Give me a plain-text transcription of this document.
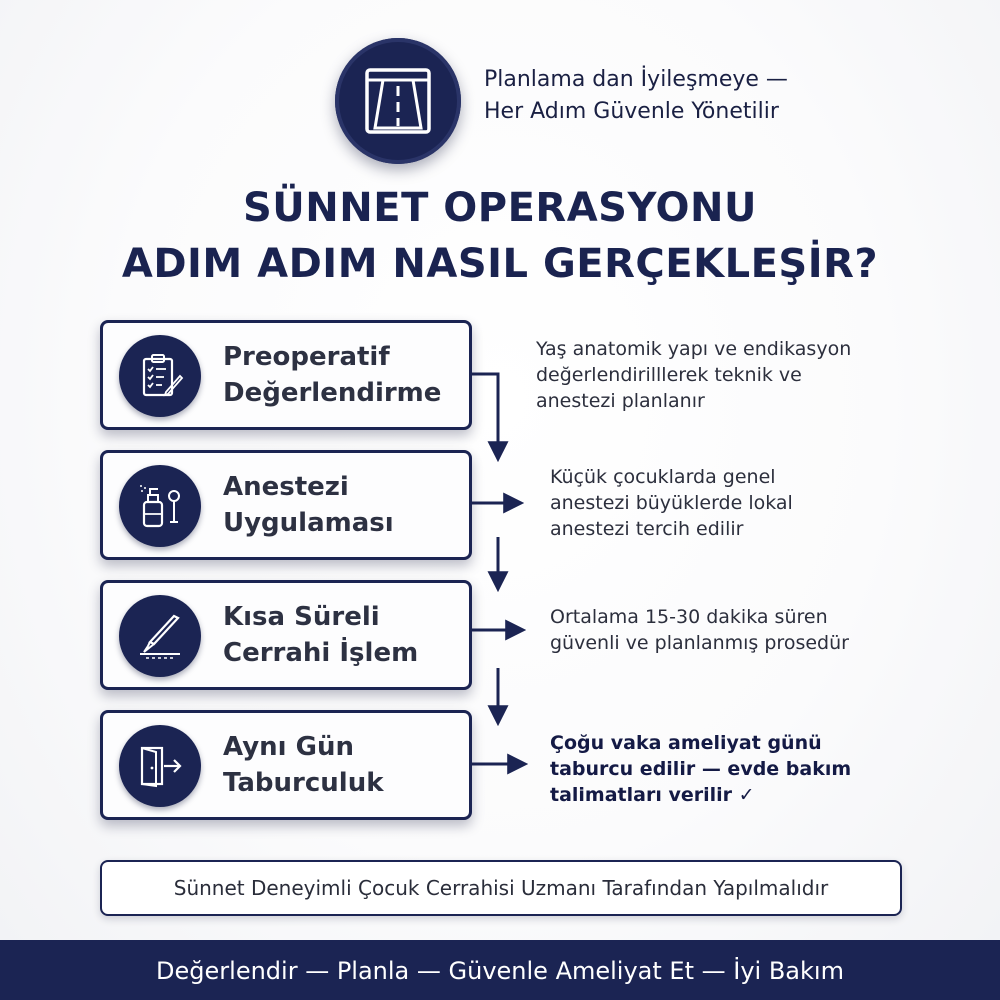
Planlama dan İyileşmeye —
Her Adım Güvenle Yönetilir
SÜNNET OPERASYONU
ADIM ADIM NASIL GERÇEKLEŞİR?
Preoperatif
Değerlendirme
Yaş anatomik yapı ve endikasyon
değerlendirilllerek teknik ve
anestezi planlanır
Anestezi
Uygulaması
Küçük çocuklarda genel
anestezi büyüklerde lokal
anestezi tercih edilir
Kısa Süreli
Cerrahi İşlem
Ortalama 15-30 dakika süren
güvenli ve planlanmış prosedür
Aynı Gün
Taburculuk
Çoğu vaka ameliyat günü
taburcu edilir — evde bakım
talimatları verilir ✓
Sünnet Deneyimli Çocuk Cerrahisi Uzmanı Tarafından Yapılmalıdır
Değerlendir — Planla — Güvenle Ameliyat Et — İyi Bakım
